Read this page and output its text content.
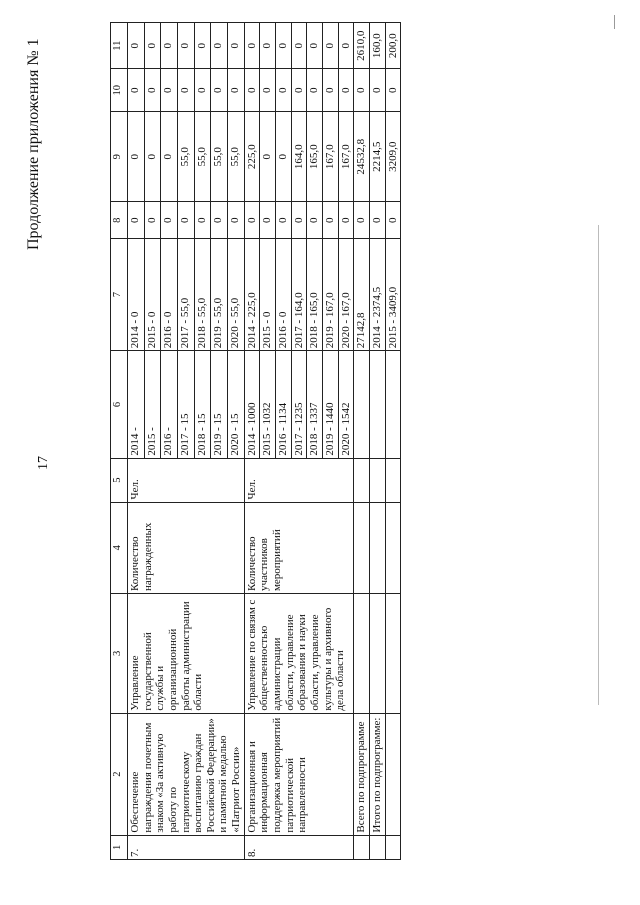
17
Продолжение приложения № 1
1	2	3	4	5	6	7	8	9	10	11
7.	Обеспечение награждения почетным знаком «За активную работу по патриотическому воспитанию граждан Российской Федерации» и памятной медалью «Патриот России»	Управление государственной службы и организационной работы администрации области	Количество награжденных	Чел.	2014 -	2014 - 0	0	0	0	0
					2015 -	2015 - 0	0	0	0	0
					2016 -	2016 - 0	0	0	0	0
					2017 - 15	2017 - 55,0	0	55,0	0	0
					2018 - 15	2018 - 55,0	0	55,0	0	0
					2019 - 15	2019 - 55,0	0	55,0	0	0
					2020 - 15	2020 - 55,0	0	55,0	0	0
8.	Организационная и информационная поддержка мероприятий патриотической направленности	Управление по связям с общественностью администрации области, управление образования и науки области, управление культуры и архивного дела области	Количество участников мероприятий	Чел.	2014 - 1000	2014 - 225,0	0	225,0	0	0
					2015 - 1032	2015 - 0	0	0	0	0
					2016 - 1134	2016 - 0	0	0	0	0
					2017 - 1235	2017 - 164,0	0	164,0	0	0
					2018 - 1337	2018 - 165,0	0	165,0	0	0
					2019 - 1440	2019 - 167,0	0	167,0	0	0
					2020 - 1542	2020 - 167,0	0	167,0	0	0
	Всего по подпрограмме					27142,8	0	24532,8	0	2610,0
	Итого по подпрограмме:					2014 - 2374,5	0	2214,5	0	160,0
						2015 - 3409,0	0	3209,0	0	200,0
